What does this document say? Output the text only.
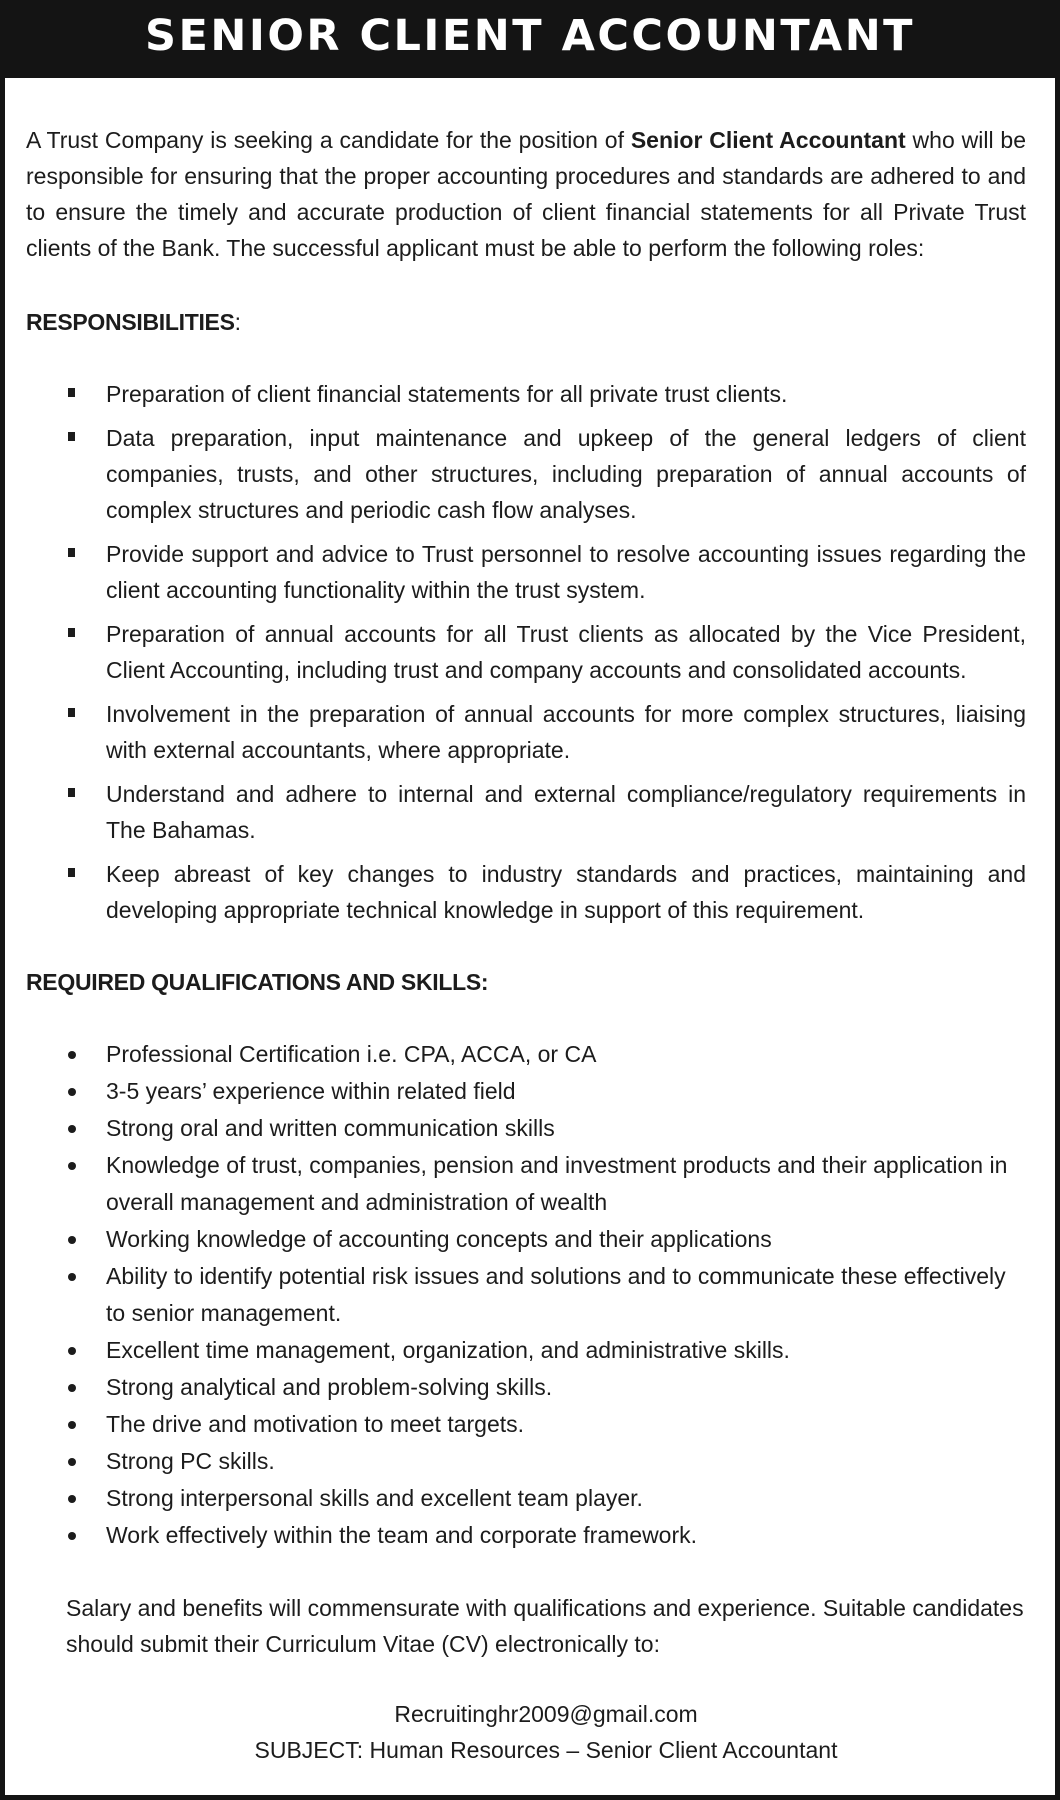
SENIOR CLIENT ACCOUNTANT

A Trust Company is seeking a candidate for the position of Senior Client Accountant who will be responsible for ensuring that the proper accounting procedures and standards are adhered to and to ensure the timely and accurate production of client financial statements for all Private Trust clients of the Bank. The successful applicant must be able to perform the following roles:

RESPONSIBILITIES:
Preparation of client financial statements for all private trust clients.
Data preparation, input maintenance and upkeep of the general ledgers of client companies, trusts, and other structures, including preparation of annual accounts of complex structures and periodic cash flow analyses.
Provide support and advice to Trust personnel to resolve accounting issues regarding the client accounting functionality within the trust system.
Preparation of annual accounts for all Trust clients as allocated by the Vice President, Client Accounting, including trust and company accounts and consolidated accounts.
Involvement in the preparation of annual accounts for more complex structures, liaising with external accountants, where appropriate.
Understand and adhere to internal and external compliance/regulatory requirements in The Bahamas.
Keep abreast of key changes to industry standards and practices, maintaining and developing appropriate technical knowledge in support of this requirement.
REQUIRED QUALIFICATIONS AND SKILLS:
Professional Certification i.e. CPA, ACCA, or CA
3-5 years’ experience within related field
Strong oral and written communication skills
Knowledge of trust, companies, pension and investment products and their application in overall management and administration of wealth
Working knowledge of accounting concepts and their applications
Ability to identify potential risk issues and solutions and to communicate these effectively to senior management.
Excellent time management, organization, and administrative skills.
Strong analytical and problem-solving skills.
The drive and motivation to meet targets.
Strong PC skills.
Strong interpersonal skills and excellent team player.
Work effectively within the team and corporate framework.

Salary and benefits will commensurate with qualifications and experience. Suitable candidates should submit their Curriculum Vitae (CV) electronically to:

Recruitinghr2009@gmail.com
SUBJECT: Human Resources – Senior Client Accountant
